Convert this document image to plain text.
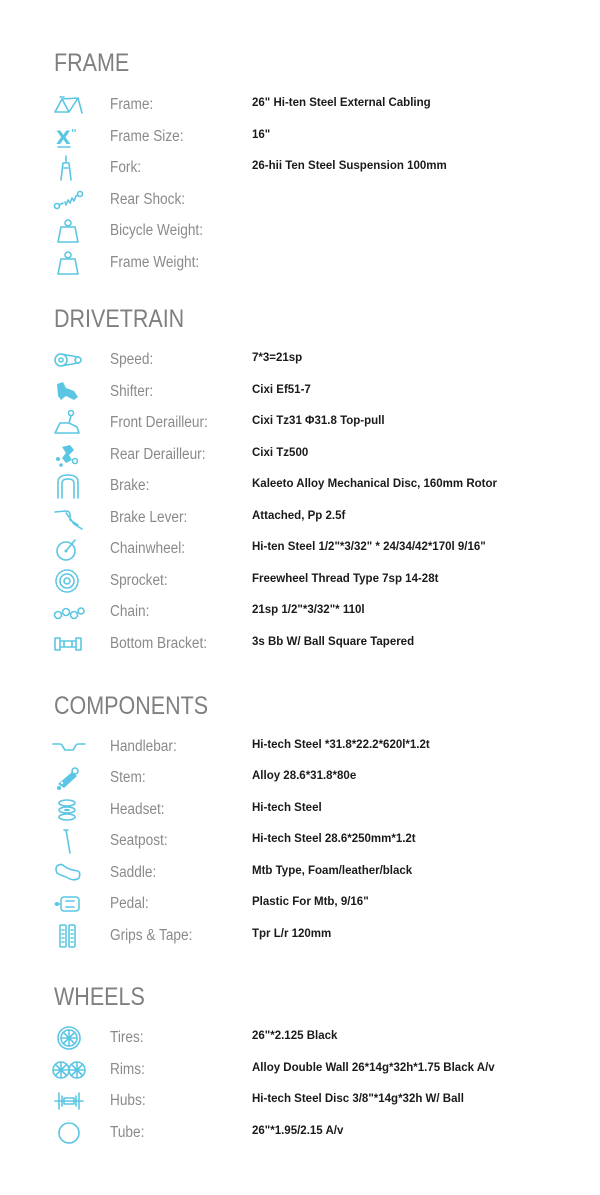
FRAME
Frame:	26" Hi-ten Steel External Cabling
X " Frame Size:	16"
Fork:	26-hii Ten Steel Suspension 100mm
Rear Shock:
Bicycle Weight:
Frame Weight:
DRIVETRAIN
Speed:	7*3=21sp
Shifter:	Cixi Ef51-7
Front Derailleur:	Cixi Tz31 Φ31.8 Top-pull
Rear Derailleur:	Cixi Tz500
Brake:	Kaleeto Alloy Mechanical Disc, 160mm Rotor
Brake Lever:	Attached, Pp 2.5f
Chainwheel:	Hi-ten Steel 1/2"*3/32" * 24/34/42*170l 9/16"
Sprocket:	Freewheel Thread Type 7sp 14-28t
Chain:	21sp 1/2"*3/32"* 110l
Bottom Bracket:	3s Bb W/ Ball Square Tapered
COMPONENTS
Handlebar:	Hi-tech Steel *31.8*22.2*620l*1.2t
Stem:	Alloy 28.6*31.8*80e
Headset:	Hi-tech Steel
Seatpost:	Hi-tech Steel 28.6*250mm*1.2t
Saddle:	Mtb Type, Foam/leather/black
Pedal:	Plastic For Mtb, 9/16"
Grips & Tape:	Tpr L/r 120mm
WHEELS
Tires:	26"*2.125 Black
Rims:	Alloy Double Wall 26*14g*32h*1.75 Black A/v
Hubs:	Hi-tech Steel Disc 3/8"*14g*32h W/ Ball
Tube:	26"*1.95/2.15 A/v
